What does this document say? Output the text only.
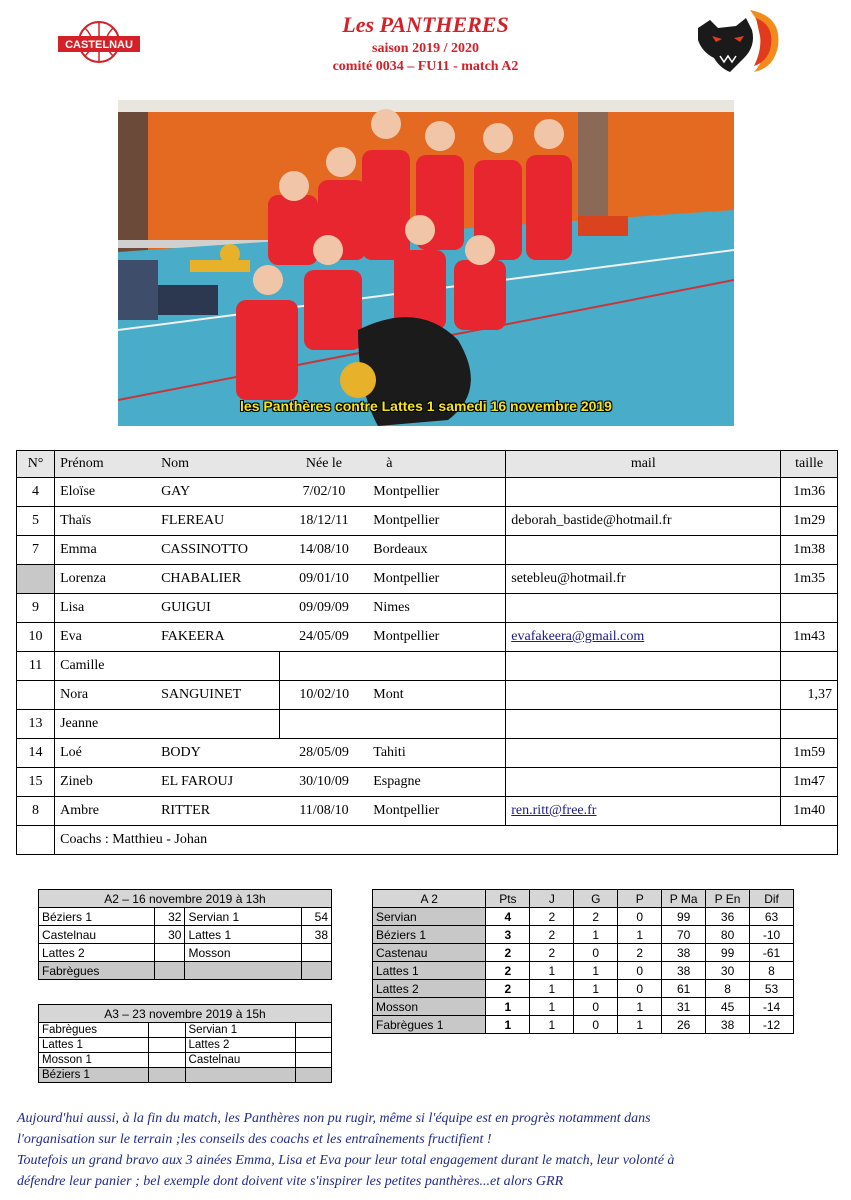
Les PANTHERES
saison 2019 / 2020
comité 0034 – FU11 - match A2
CASTELNAU
les Panthères contre Lattes 1 samedi 16 novembre 2019
N°	Prénom	Nom	Née le	à	mail	taille
4	Eloïse	GAY	7/02/10	Montpellier		1m36
5	Thaïs	FLEREAU	18/12/11	Montpellier	deborah_bastide@hotmail.fr	1m29
7	Emma	CASSINOTTO	14/08/10	Bordeaux		1m38
	Lorenza	CHABALIER	09/01/10	Montpellier	setebleu@hotmail.fr	1m35
9	Lisa	GUIGUI	09/09/09	Nimes		
10	Eva	FAKEERA	24/05/09	Montpellier	evafakeera@gmail.com	1m43
11	Camille					
	Nora	SANGUINET	10/02/10	Mont		1,37
13	Jeanne					
14	Loé	BODY	28/05/09	Tahiti		1m59
15	Zineb	EL FAROUJ	30/10/09	Espagne		1m47
8	Ambre	RITTER	11/08/10	Montpellier	ren.ritt@free.fr	1m40
	Coachs : Matthieu - Johan					
A2 – 16 novembre 2019 à 13h			
Béziers 1	32	Servian 1	54
Castelnau	30	Lattes 1	38
Lattes 2		Mosson	
Fabrègues			
A3 – 23 novembre 2019 à 15h			
Fabrègues		Servian 1	
Lattes 1		Lattes 2	
Mosson 1		Castelnau	
Béziers 1			
A 2	Pts	J	G	P	P Ma	P En	Dif
Servian	4	2	2	0	99	36	63
Béziers 1	3	2	1	1	70	80	-10
Castenau	2	2	0	2	38	99	-61
Lattes 1	2	1	1	0	38	30	8
Lattes 2	2	1	1	0	61	8	53
Mosson	1	1	0	1	31	45	-14
Fabrègues 1	1	1	0	1	26	38	-12
Aujourd'hui aussi, à la fin du match, les Panthères non pu rugir, même si l'équipe est en progrès notamment dans
l'organisation sur le terrain ;les conseils des coachs et les entraînements fructifient !
Toutefois un grand bravo aux 3 ainées Emma, Lisa et Eva pour leur total engagement durant le match, leur volonté à
défendre leur panier ; bel exemple dont doivent vite s'inspirer les petites panthères...et alors GRR
